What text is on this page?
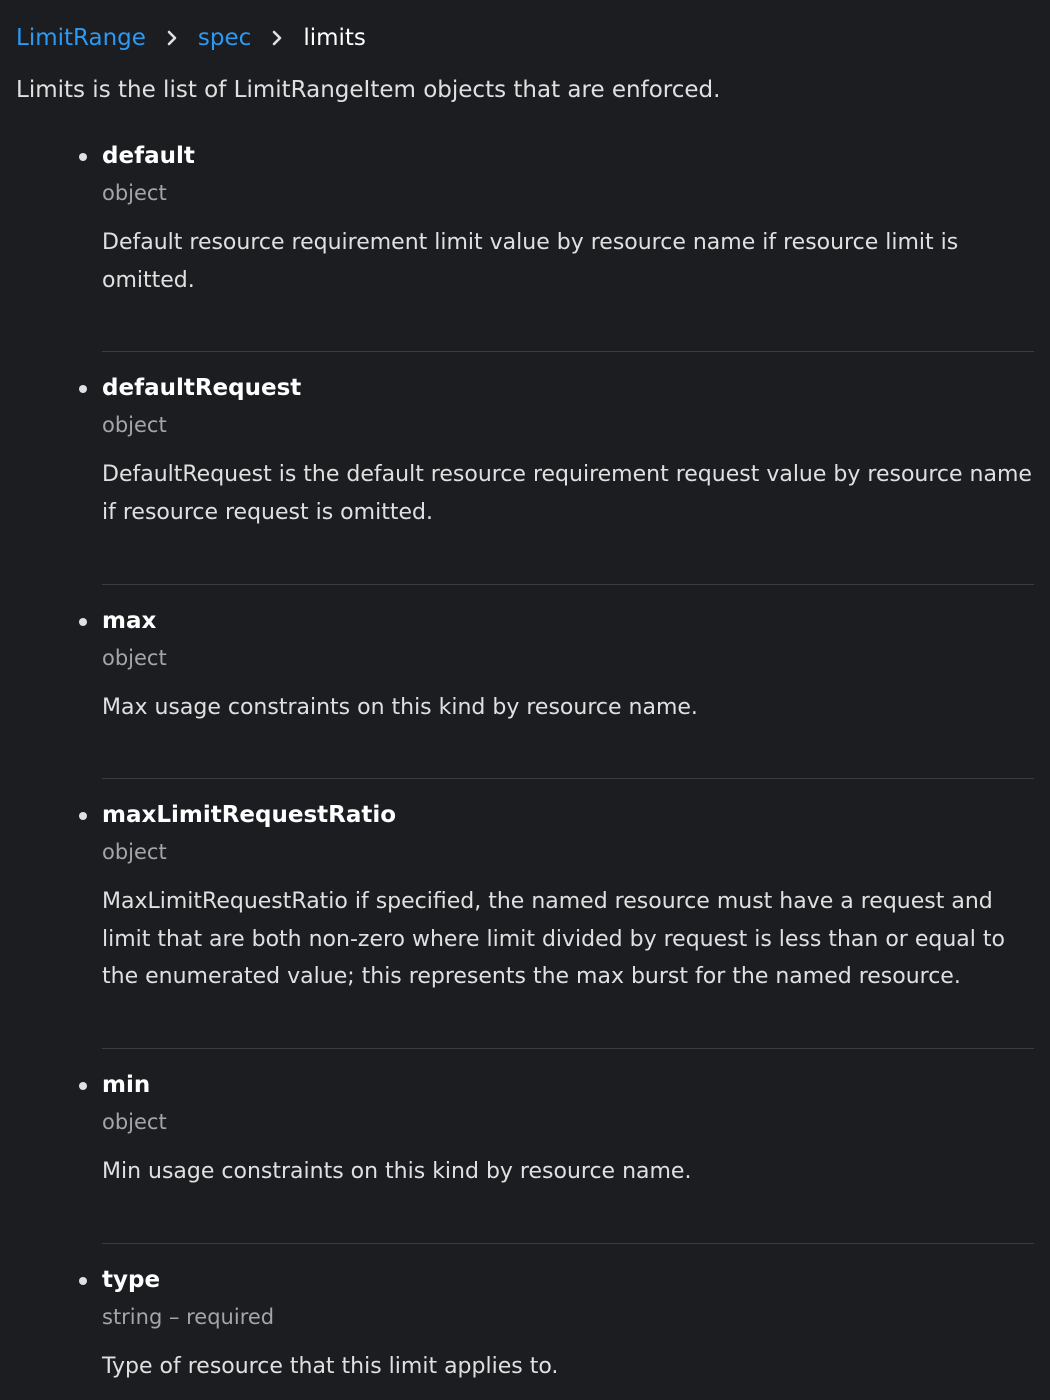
LimitRange spec limits

Limits is the list of LimitRangeItem objects that are enforced.

default
object
Default resource requirement limit value by resource name if resource limit is omitted.
defaultRequest
object
DefaultRequest is the default resource requirement request value by resource name if resource request is omitted.
max
object
Max usage constraints on this kind by resource name.
maxLimitRequestRatio
object
MaxLimitRequestRatio if specified, the named resource must have a request and limit that are both non-zero where limit divided by request is less than or equal to the enumerated value; this represents the max burst for the named resource.
min
object
Min usage constraints on this kind by resource name.
type
string – required
Type of resource that this limit applies to.
